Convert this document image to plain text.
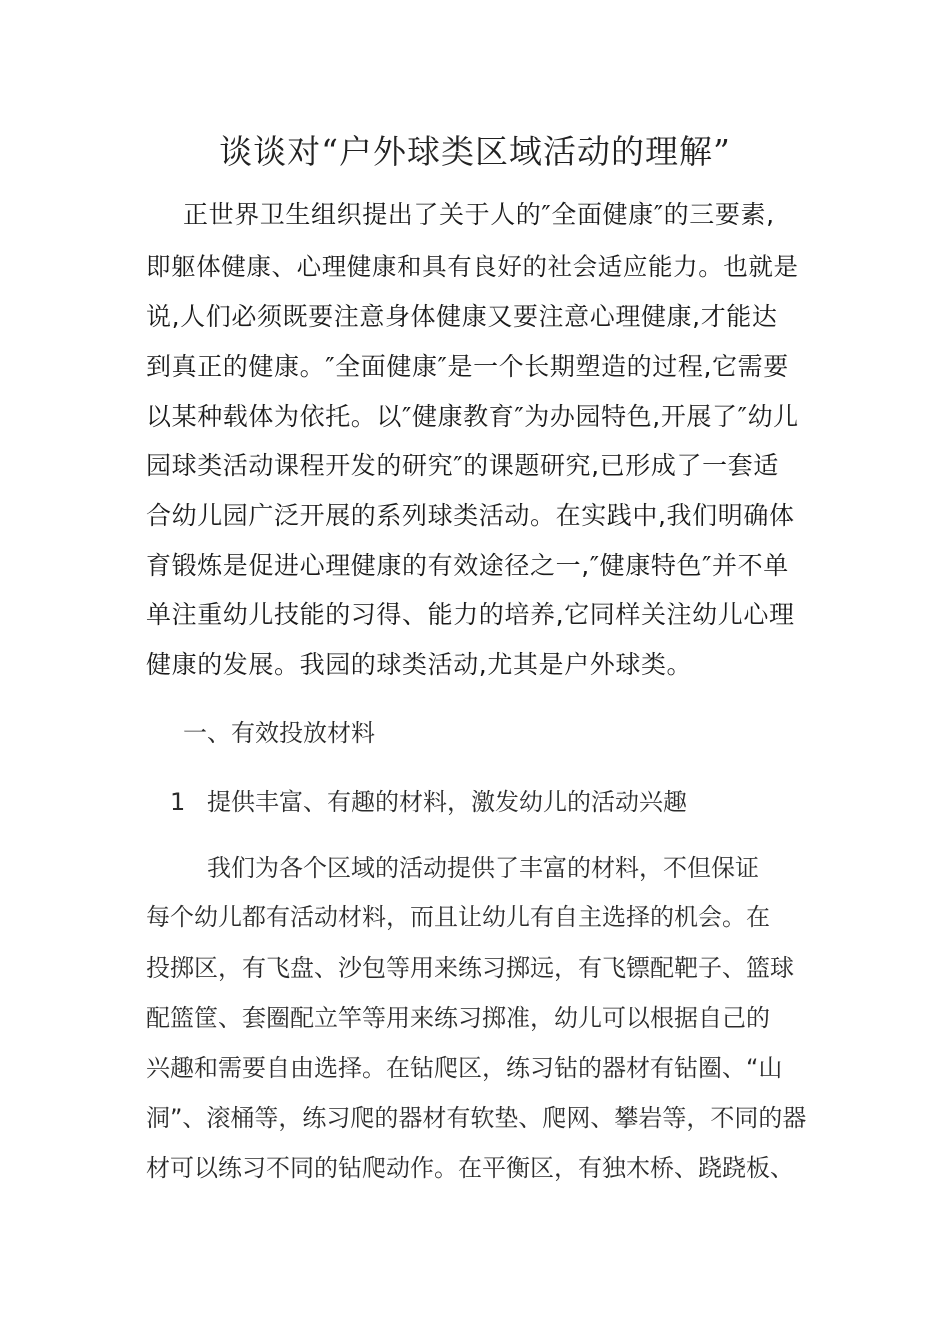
谈谈对“户外球类区域活动的理解”
正世界卫生组织提出了关于人的″全面健康″的三要素,
即躯体健康、心理健康和具有良好的社会适应能力。也就是
说,人们必须既要注意身体健康又要注意心理健康,才能达
到真正的健康。″全面健康″是一个长期塑造的过程,它需要
以某种载体为依托。以″健康教育″为办园特色,开展了″幼儿
园球类活动课程开发的研究″的课题研究,已形成了一套适
合幼儿园广泛开展的系列球类活动。在实践中,我们明确体
育锻炼是促进心理健康的有效途径之一,″健康特色″并不单
单注重幼儿技能的习得、能力的培养,它同样关注幼儿心理
健康的发展。我园的球类活动,尤其是户外球类。
一、有效投放材料
1 提供丰富、有趣的材料，激发幼儿的活动兴趣
我们为各个区域的活动提供了丰富的材料，不但保证
每个幼儿都有活动材料，而且让幼儿有自主选择的机会。在
投掷区，有飞盘、沙包等用来练习掷远，有飞镖配靶子、篮球
配篮筐、套圈配立竿等用来练习掷准，幼儿可以根据自己的
兴趣和需要自由选择。在钻爬区，练习钻的器材有钻圈、“山
洞”、滚桶等，练习爬的器材有软垫、爬网、攀岩等，不同的器
材可以练习不同的钻爬动作。在平衡区，有独木桥、跷跷板、
